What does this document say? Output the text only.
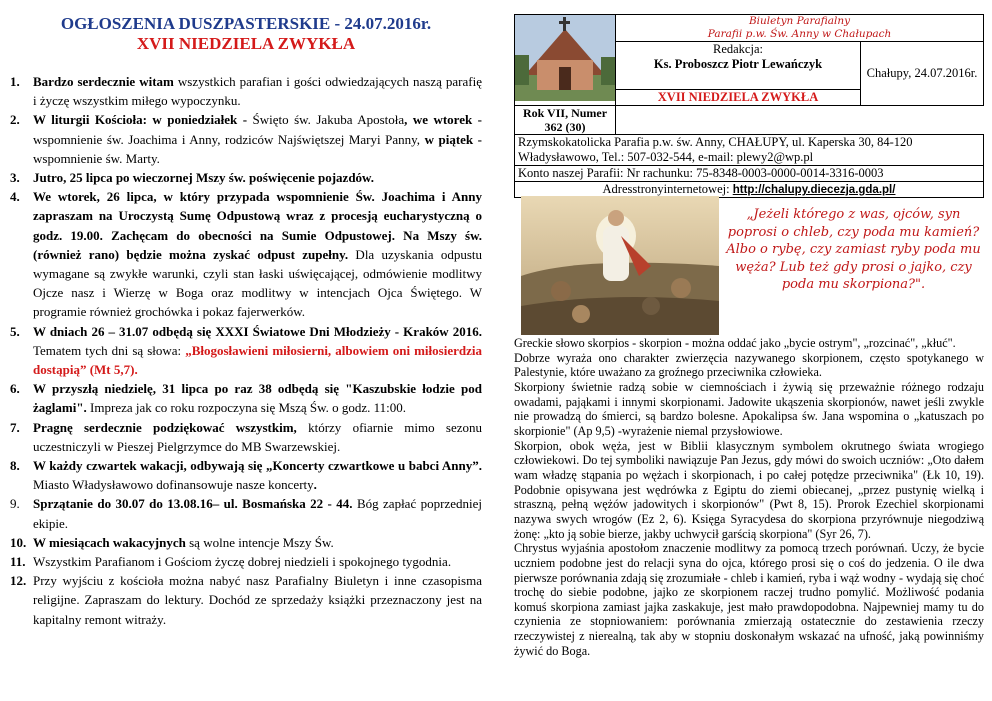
OGŁOSZENIA DUSZPASTERSKIE - 24.07.2016r.
XVII NIEDZIELA ZWYKŁA
1. Bardzo serdecznie witam wszystkich parafian i gości odwiedzających naszą parafię i życzę wszystkim miłego wypoczynku.
2. W liturgii Kościoła: w poniedziałek - Święto św. Jakuba Apostoła, we wtorek - wspomnienie św. Joachima i Anny, rodziców Najświętszej Maryi Panny, w piątek - wspomnienie św. Marty.
3. Jutro, 25 lipca po wieczornej Mszy św. poświęcenie pojazdów.
4. We wtorek, 26 lipca, w który przypada wspomnienie Św. Joachima i Anny zapraszam na Uroczystą Sumę Odpustową wraz z procesją eucharystyczną o godz. 19.00. Zachęcam do obecności na Sumie Odpustowej. Na Mszy św. (również rano) będzie można zyskać odpust zupełny. Dla uzyskania odpustu wymagane są zwykłe warunki, czyli stan łaski uświęcającej, odmówienie modlitwy Ojcze nasz i Wierzę w Boga oraz modlitwy w intencjach Ojca Świętego. W programie również grochówka i pokaz fajerwerków.
5. W dniach 26 – 31.07 odbędą się XXXI Światowe Dni Młodzieży - Kraków 2016. Tematem tych dni są słowa: „Błogosławieni miłosierni, albowiem oni miłosierdzia dostąpią” (Mt 5,7).
6. W przyszłą niedzielę, 31 lipca po raz 38 odbędą się "Kaszubskie łodzie pod żaglami". Impreza jak co roku rozpoczyna się Mszą Św. o godz. 11:00.
7. Pragnę serdecznie podziękować wszystkim, którzy ofiarnie mimo sezonu uczestniczyli w Pieszej Pielgrzymce do MB Swarzewskiej.
8. W każdy czwartek wakacji, odbywają się „Koncerty czwartkowe u babci Anny”. Miasto Władysławowo dofinansowuje nasze koncerty.
9. Sprzątanie do 30.07 do 13.08.16– ul. Bosmańska 22 - 44. Bóg zapłać poprzedniej ekipie.
10. W miesiącach wakacyjnych są wolne intencje Mszy Św.
11. Wszystkim Parafianom i Gościom życzę dobrej niedzieli i spokojnego tygodnia.
12. Przy wyjściu z kościoła można nabyć nasz Parafialny Biuletyn i inne czasopisma religijne. Zapraszam do lektury. Dochód ze sprzedaży książki przeznaczony jest na kapitalny remont witraży.

Biuletyn Parafialny
Parafii p.w. Św. Anny w Chałupach	

	Redakcja:
Ks. Proboszcz Piotr Lewańczyk	Chałupy, 24.07.2016r.
	XVII NIEDZIELA ZWYKŁA	
Rok VII, Numer 362 (30)	
Rzymskokatolicka Parafia p.w. św. Anny, CHAŁUPY, ul. Kaperska 30, 84-120 Władysławowo, Tel.: 507-032-544, e-mail: plewy2@wp.pl		
Konto naszej Parafii: Nr rachunku: 75-8348-0003-0000-0014-3316-0003		
Adresstronyinternetowej: http://chalupy.diecezja.gda.pl/		
„Jeżeli którego z was, ojców, syn poprosi o chleb, czy poda mu kamień? Albo o rybę, czy zamiast ryby poda mu węża? Lub też gdy prosi o jajko, czy poda mu skorpiona?".

Greckie słowo skorpios - skorpion - można oddać jako „bycie ostrym", „rozcinać", „kłuć".

Dobrze wyraża ono charakter zwierzęcia nazywanego skorpionem, często spotykanego w Palestynie, które uważano za groźnego przeciwnika człowieka.

Skorpiony świetnie radzą sobie w ciemnościach i żywią się przeważnie różnego rodzaju owadami, pająkami i innymi skorpionami. Jadowite ukąszenia skorpionów, nawet jeśli zwykle nie prowadzą do śmierci, są bardzo bolesne. Apokalipsa św. Jana wspomina o „katuszach po skorpionie" (Ap 9,5) -wyrażenie niemal przysłowiowe.

Skorpion, obok węża, jest w Biblii klasycznym symbolem okrutnego świata wrogiego człowiekowi. Do tej symboliki nawiązuje Pan Jezus, gdy mówi do swoich uczniów: „Oto dałem wam władzę stąpania po wężach i skorpionach, i po całej potędze przeciwnika" (Łk 10, 19). Podobnie opisywana jest wędrówka z Egiptu do ziemi obiecanej, „przez pustynię wielką i straszną, pełną wężów jadowitych i skorpionów" (Pwt 8, 15). Prorok Ezechiel skorpionami nazywa swych wrogów (Ez 2, 6). Księga Syracydesa do skorpiona przyrównuje niegodziwą żonę: „kto ją sobie bierze, jakby uchwycił garścią skorpiona" (Syr 26, 7).

Chrystus wyjaśnia apostołom znaczenie modlitwy za pomocą trzech porównań. Uczy, że bycie uczniem podobne jest do relacji syna do ojca, którego prosi się o coś do jedzenia. O ile dwa pierwsze porównania zdają się zrozumiałe - chleb i kamień, ryba i wąż wodny - wydają się choć trochę do siebie podobne, jajko ze skorpionem raczej trudno pomylić. Możliwość podania komuś skorpiona zamiast jajka zaskakuje, jest mało prawdopodobna. Najpewniej mamy tu do czynienia ze stopniowaniem: porównania zmierzają ostatecznie do zestawienia rzeczy rzeczywistej z nierealną, tak aby w stopniu doskonałym wskazać na ufność, jaką powinniśmy żywić do Boga.
